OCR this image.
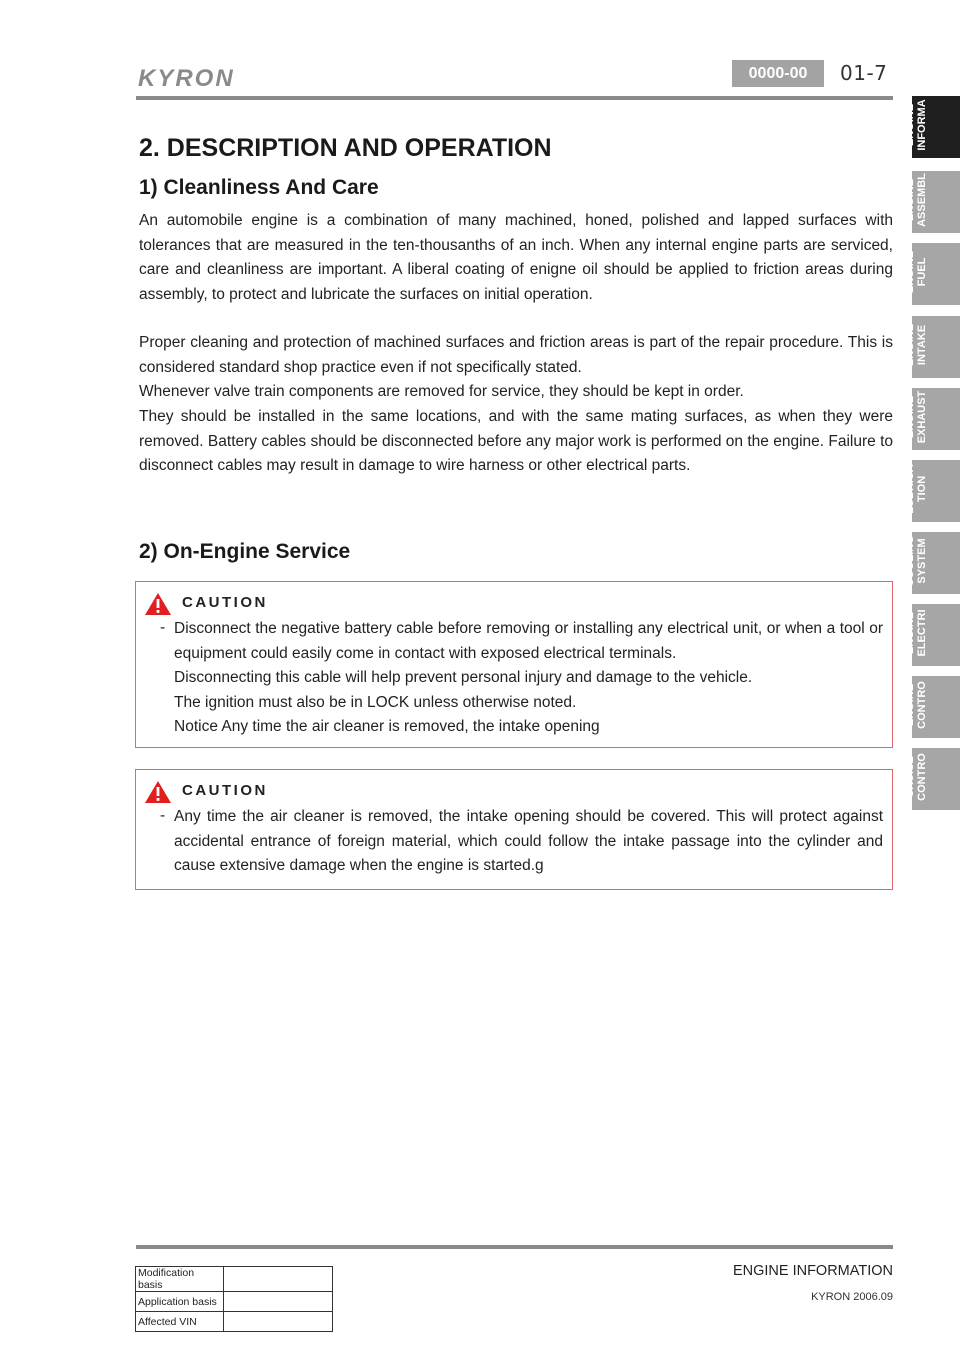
KYRON	0000-00	01-7
ENGINE INFORMA
ENGINE ASSEMBL
ENGINE FUEL
ENGINE INTAKE
ENGINE EXHAUST
LUBRICA TION
COOLING SYSTEM
ENGINE ELECTRI
ENGINE CONTRO
CRUISE CONTRO
2. DESCRIPTION AND OPERATION
1) Cleanliness And Care

An automobile engine is a combination of many machined, honed, polished and lapped surfaces with tolerances that are measured in the ten-thousanths of an inch. When any internal engine parts are serviced, care and cleanliness are important. A liberal coating of enigne oil should be applied to friction areas during assembly, to protect and lubricate the surfaces on initial operation.

Proper cleaning and protection of machined surfaces and friction areas is part of the repair procedure. This is considered standard shop practice even if not specifically stated.

Whenever valve train components are removed for service, they should be kept in order.

They should be installed in the same locations, and with the same mating surfaces, as when they were removed. Battery cables should be disconnected before any major work is performed on the engine. Failure to disconnect cables may result in damage to wire harness or other electrical parts.

2) On-Engine Service
CAUTION
- Disconnect the negative battery cable before removing or installing any electrical unit, or when a tool or equipment could easily come in contact with exposed electrical terminals.
Disconnecting this cable will help prevent personal injury and damage to the vehicle.
The ignition must also be in LOCK unless otherwise noted.
Notice Any time the air cleaner is removed, the intake opening
CAUTION
- Any time the air cleaner is removed, the intake opening should be covered. This will protect against accidental entrance of foreign material, which could follow the intake passage into the cylinder and cause extensive damage when the engine is started.g
ENGINE INFORMATION
KYRON 2006.09
Modification basis	
Application basis	
Affected VIN	
